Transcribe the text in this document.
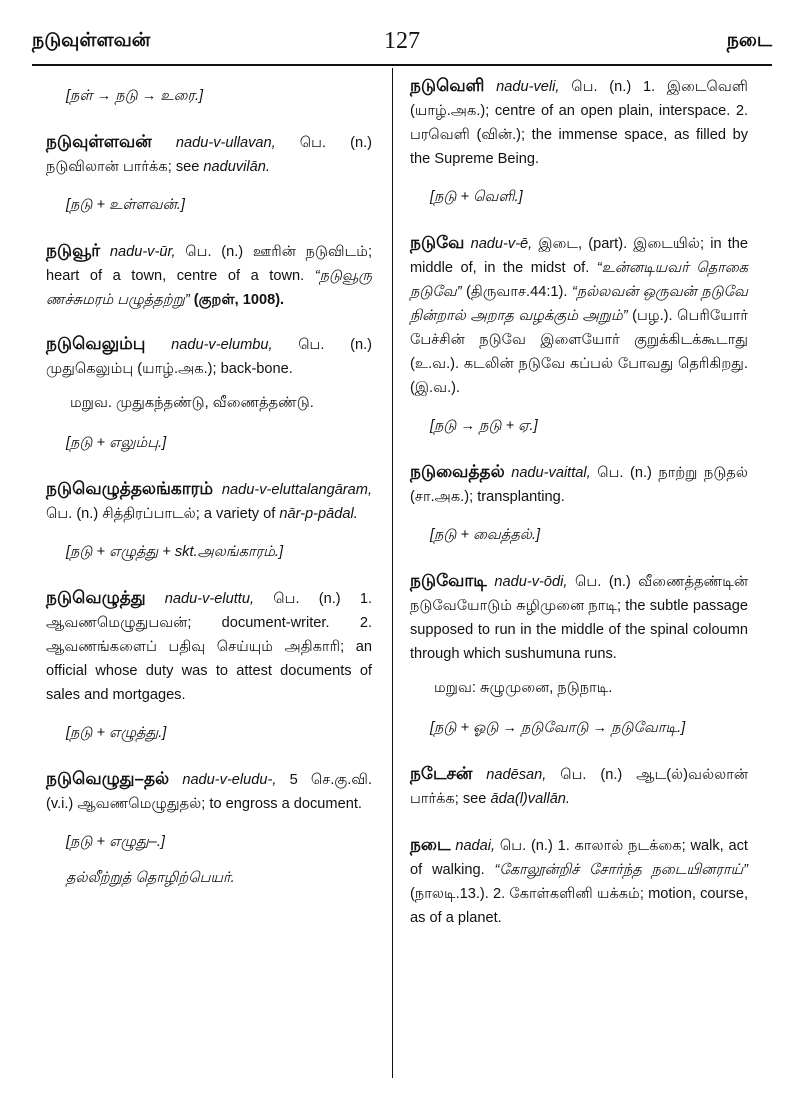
நடுவுள்ளவன்	127	நடை
[நள் → நடு → உரை.]
நடுவுள்ளவன் nadu-v-ullavan, பெ. (n.) நடுவிலான் பார்க்க; see naduvilān.
[நடு + உள்ளவன்.]
நடுவூர் nadu-v-ūr, பெ. (n.) ஊரின் நடுவிடம்; heart of a town, centre of a town. “நடுவூரு ணச்சுமரம் பழுத்தற்று” (குறள், 1008).
நடுவெலும்பு nadu-v-elumbu, பெ. (n.) முதுகெலும்பு (யாழ்.அக.); back-bone.
மறுவ. முதுகந்தண்டு, வீணைத்தண்டு.
[நடு + எலும்பு.]
நடுவெழுத்தலங்காரம் nadu-v-eluttalangāram, பெ. (n.) சித்திரப்பாடல்; a variety of nār-p-pādal.
[நடு + எழுத்து + skt.அலங்காரம்.]
நடுவெழுத்து nadu-v-eluttu, பெ. (n.) 1. ஆவணமெழுதுபவன்; document-writer. 2. ஆவணங்களைப் பதிவு செய்யும் அதிகாரி; an official whose duty was to attest documents of sales and mortgages.
[நடு + எழுத்து.]
நடுவெழுது–தல் nadu-v-eludu-, 5 செ.கு.வி. (v.i.) ஆவணமெழுதுதல்; to engross a document.
[நடு + எழுது–.]
தல்லீற்றுத் தொழிற்பெயர்.
நடுவெளி nadu-veli, பெ. (n.) 1. இடைவெளி (யாழ்.அக.); centre of an open plain, interspace. 2. பரவெளி (வின்.); the immense space, as filled by the Supreme Being.
[நடு + வெளி.]
நடுவே nadu-v-ē, இடை, (part). இடையில்; in the middle of, in the midst of. “உன்னடியவர் தொகை நடுவே” (திருவாச.44:1). “நல்லவன் ஒருவன் நடுவே நின்றால் அறாத வழக்கும் அறும்” (பழ.). பெரியோர் பேச்சின் நடுவே இளையோர் குறுக்கிடக்கூடாது (உ.வ.). கடலின் நடுவே கப்பல் போவது தெரிகிறது. (இ.வ.).
[நடு → நடு + ஏ.]
நடுவைத்தல் nadu-vaittal, பெ. (n.) நாற்று நடுதல் (சா.அக.); transplanting.
[நடு + வைத்தல்.]
நடுவோடி nadu-v-ōdi, பெ. (n.) வீணைத்தண்டின் நடுவேயோடும் சுழிமுனை நாடி; the subtle passage supposed to run in the middle of the spinal coloumn through which sushumuna runs.
மறுவ: சுழுமுனை, நடுநாடி.
[நடு + ஓடு → நடுவோடு → நடுவோடி.]
நடேசன் nadēsan, பெ. (n.) ஆட(ல்)வல்லான் பார்க்க; see āda(l)vallān.
நடை nadai, பெ. (n.) 1. காலால் நடக்கை; walk, act of walking. “கோலூன்றிச் சோர்ந்த நடையினராய்” (நாலடி.13.). 2. கோள்களினி யக்கம்; motion, course, as of a planet.
